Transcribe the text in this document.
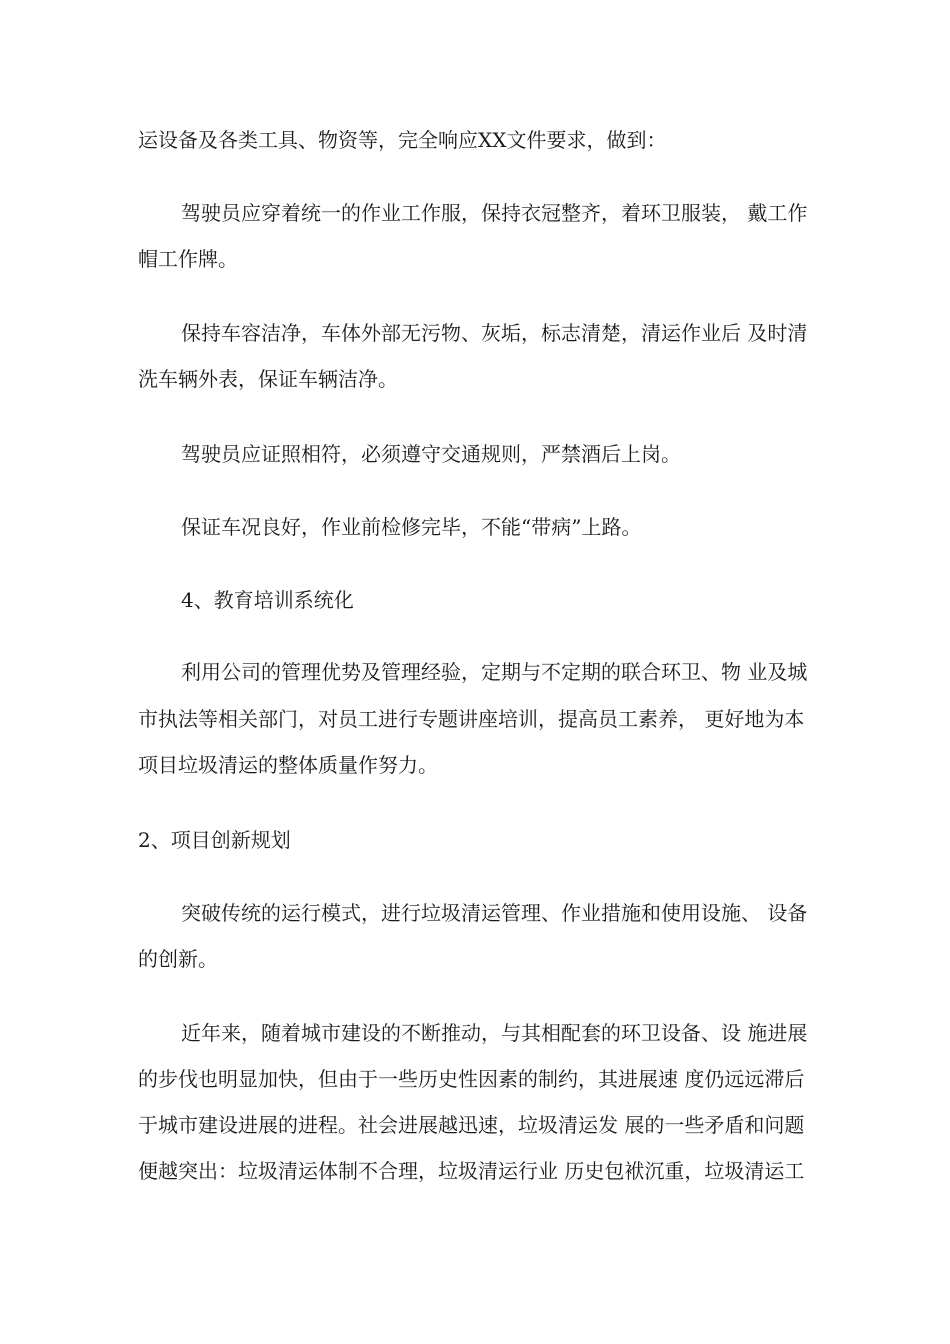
运设备及各类工具、物资等，完全响应XX文件要求，做到：

驾驶员应穿着统一的作业工作服，保持衣冠整齐，着环卫服装， 戴工作

帽工作牌。

保持车容洁净，车体外部无污物、灰垢，标志清楚，清运作业后 及时清

洗车辆外表，保证车辆洁净。

驾驶员应证照相符，必须遵守交通规则，严禁酒后上岗。

保证车况良好，作业前检修完毕，不能“带病”上路。

4、教育培训系统化

利用公司的管理优势及管理经验，定期与不定期的联合环卫、物 业及城

市执法等相关部门，对员工进行专题讲座培训，提高员工素养， 更好地为本

项目垃圾清运的整体质量作努力。

2、项目创新规划

突破传统的运行模式，进行垃圾清运管理、作业措施和使用设施、 设备

的创新。

近年来，随着城市建设的不断推动，与其相配套的环卫设备、设 施进展

的步伐也明显加快，但由于一些历史性因素的制约，其进展速 度仍远远滞后

于城市建设进展的进程。社会进展越迅速，垃圾清运发 展的一些矛盾和问题

便越突出：垃圾清运体制不合理，垃圾清运行业 历史包袱沉重，垃圾清运工
